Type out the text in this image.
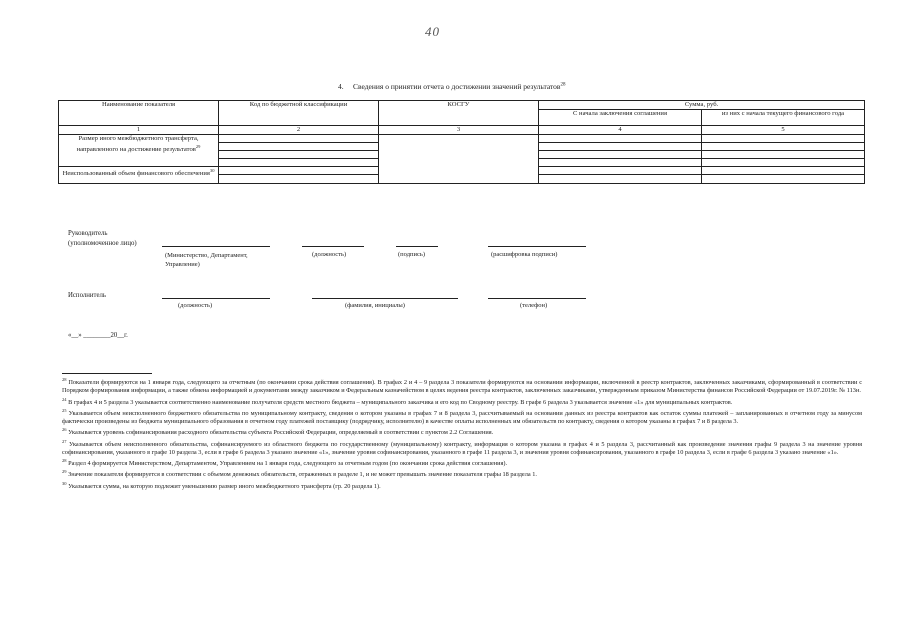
40
4. Сведения о принятии отчета о достижении значений результатов$^{28}$
Наименование показателя	Код по бюджетной классификации	КОСГУ	Сумма, руб.	
			С начала заключения соглашения	из них с начала текущего финансового года
1	2	3	4	5
Размер иного межбюджетного трансферта, направленного на достижение результатов$^{29}$	

Неиспользованный объем финансового обеспечения$^{30}$	

Руководитель
(уполномоченное лицо)
(Министерство, Департамент, Управление)
(должность)	(подпись)	(расшифровка подписи)
Исполнитель
(должность)	(фамилия, инициалы)	(телефон)
«__» ________20__г.

$^{28}$ Показатели формируются на 1 января года, следующего за отчетным (по окончании срока действия соглашения). В графах 2 и 4 – 9 раздела 3 показатели формируются на основании информации, включенной в реестр контрактов, заключенных заказчиками, сформированный в соответствии с Порядком формирования информации, а также обмена информацией и документами между заказчиком и Федеральным казначейством в целях ведения реестра контрактов, заключенных заказчиками, утвержденным приказом Министерства финансов Российской Федерации от 19.07.2019г. № 113н.

$^{24}$ В графах 4 и 5 раздела 3 указывается соответственно наименование получателя средств местного бюджета – муниципального заказчика и его код по Сводному реестру. В графе 6 раздела 3 указывается значение «1» для муниципальных контрактов.

$^{25}$ Указывается объем неисполненного бюджетного обязательства по муниципальному контракту, сведения о котором указаны в графах 7 и 8 раздела 3, рассчитываемый на основании данных из реестра контрактов как остаток суммы платежей – запланированных в отчетном году за минусом фактически произведены из бюджета муниципального образования в отчетном году платежей поставщику (подрядчику, исполнителю) в качестве оплаты исполненных им обязательств по контракту, сведения о котором указаны в графах 7 и 8 раздела 3.

$^{26}$ Указывается уровень софинансирования расходного обязательства субъекта Российской Федерации, определяемый в соответствии с пунктом 2.2 Соглашения.

$^{27}$ Указывается объем неисполненного обязательства, софинансируемого из областного бюджета по государственному (муниципальному) контракту, информация о котором указана в графах 4 и 5 раздела 3, рассчитанный как произведение значения графы 9 раздела 3 на значение уровня софинансирования, указанного в графе 10 раздела 3, если в графе 6 раздела 3 указано значение «1», значение уровня софинансирования, указанного в графе 11 раздела 3, и значения уровня софинансирования, указанного в графе 10 раздела 3, если в графе 6 раздела 3 указано значение «1».

$^{28}$ Раздел 4 формируется Министерством, Департаментом, Управлением на 1 января года, следующего за отчетным годом (по окончании срока действия соглашения).

$^{29}$ Значение показателя формируется в соответствии с объемом денежных обязательств, отраженных в разделе 1, и не может превышать значение показателя графы 18 раздела 1.

$^{30}$ Указывается сумма, на которую подлежит уменьшению размер иного межбюджетного трансферта (гр. 20 раздела 1).
